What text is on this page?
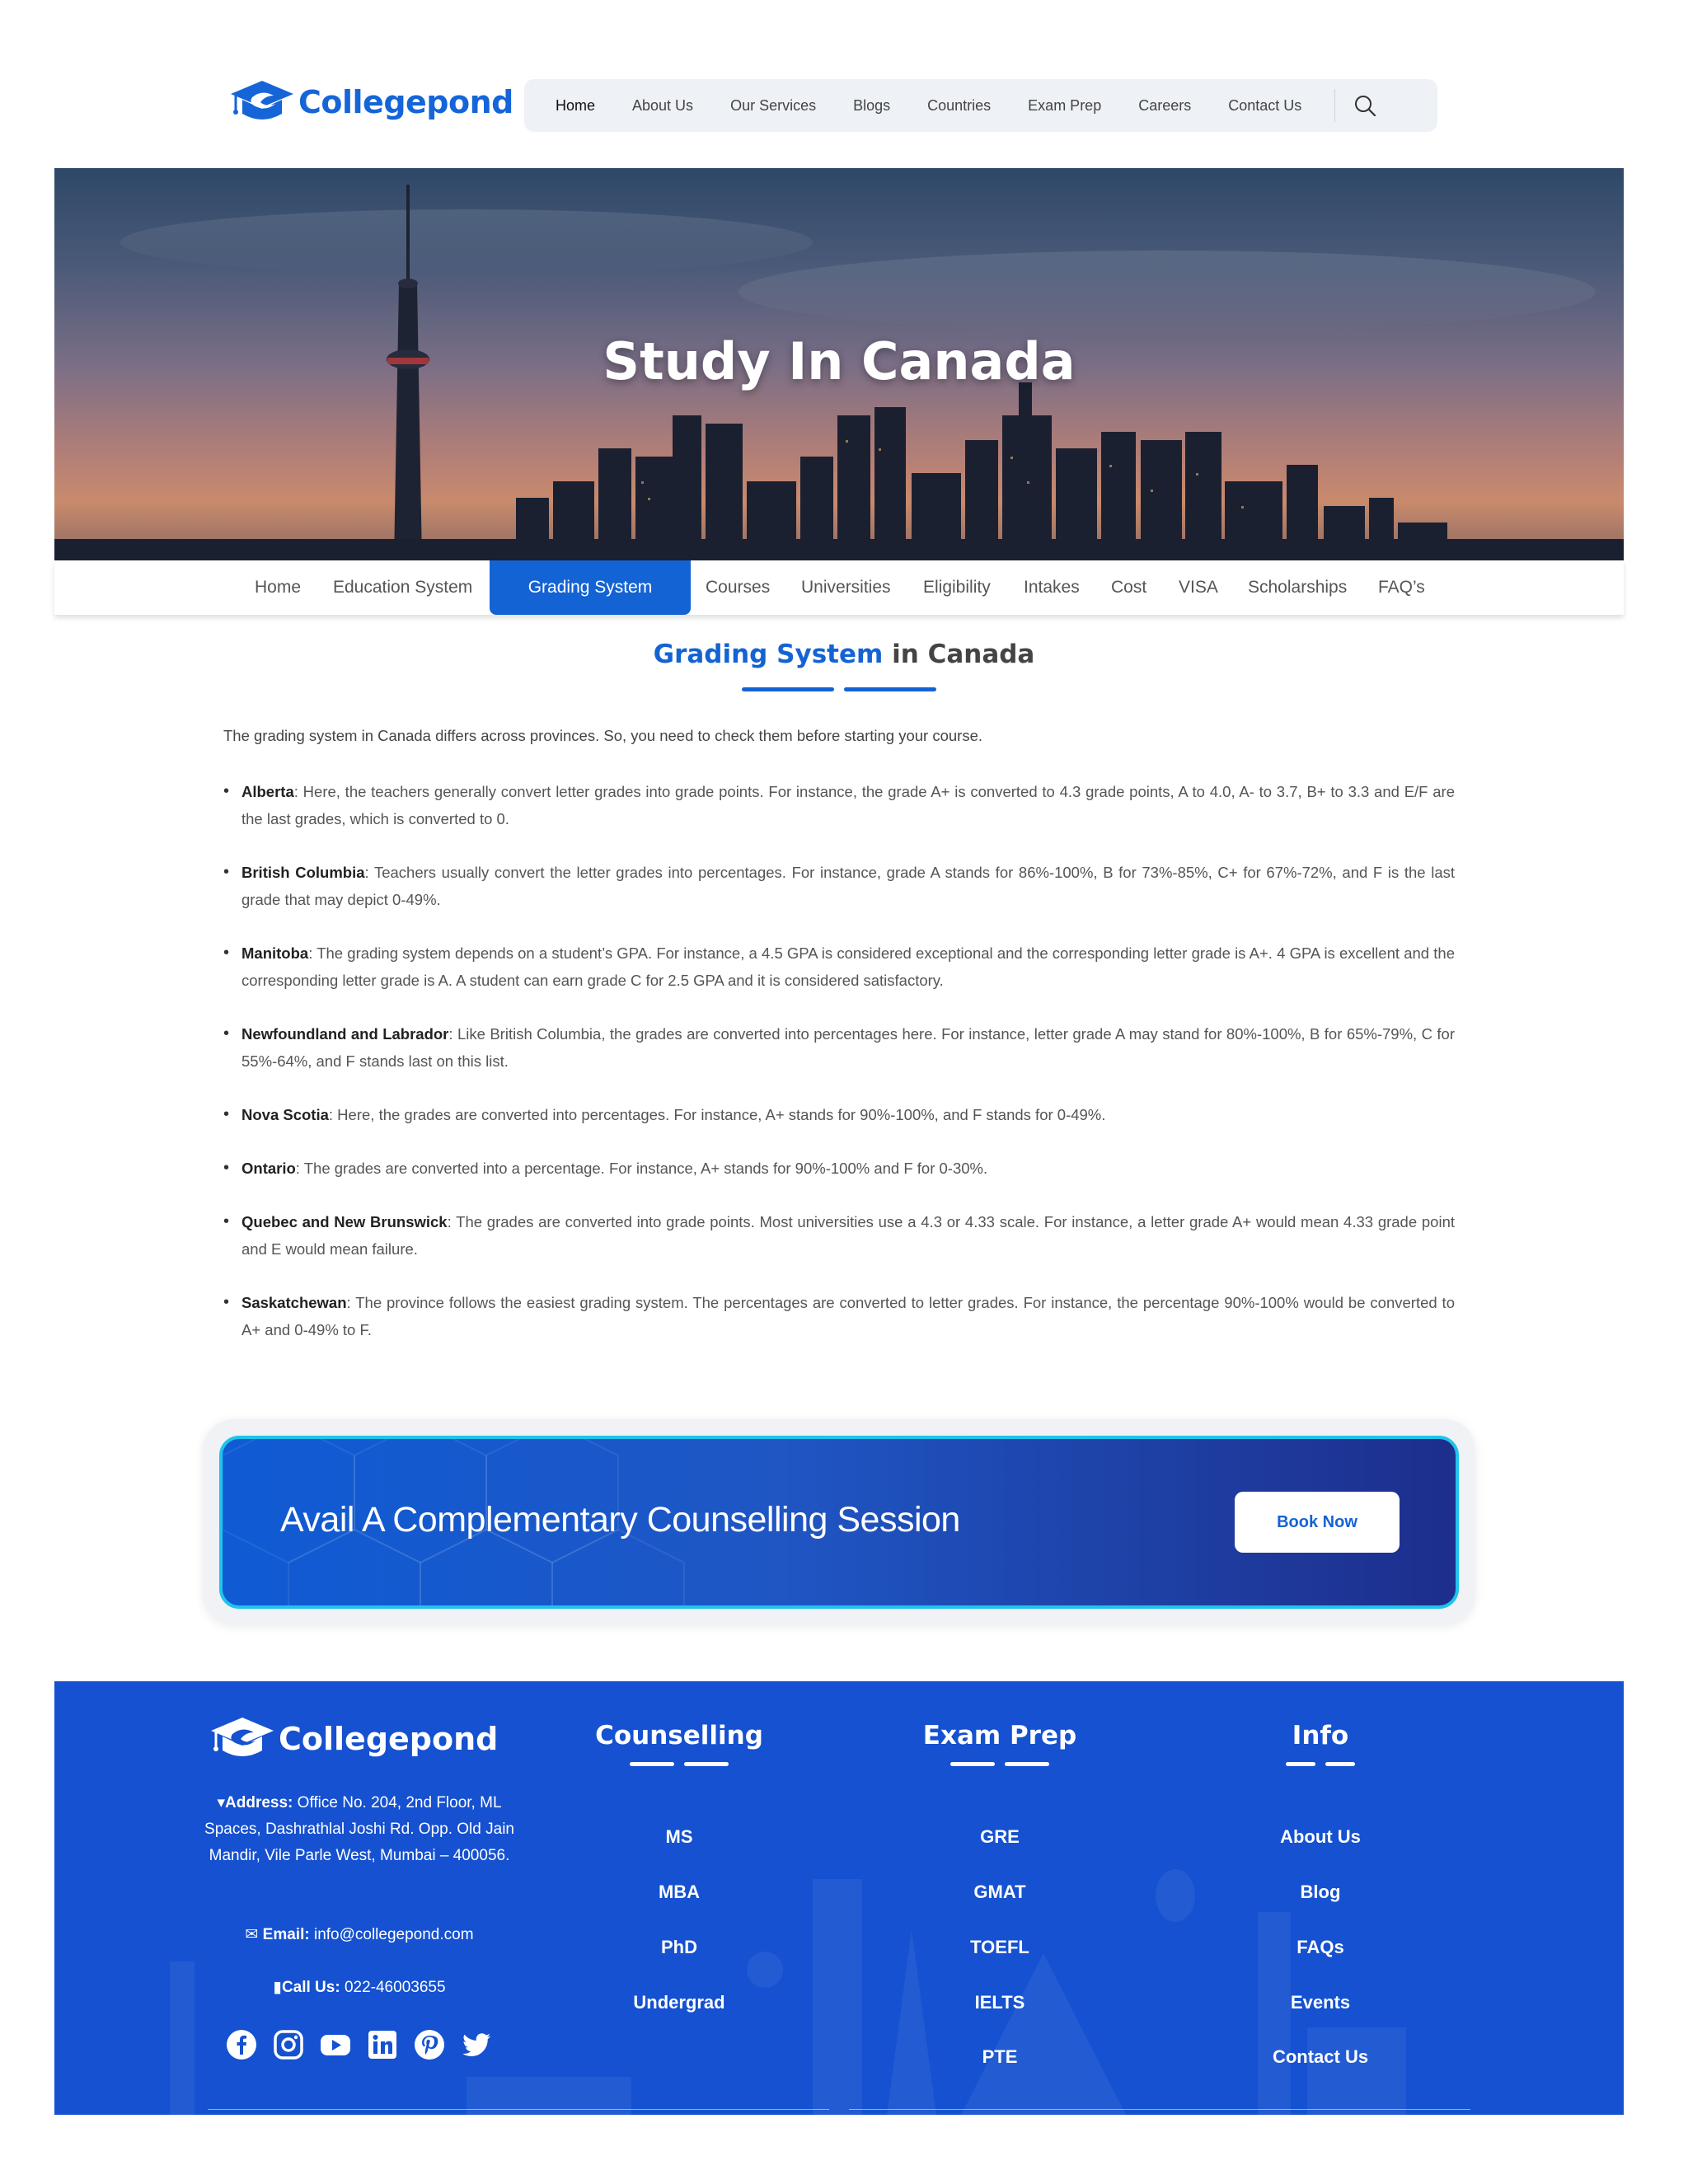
Collegepond	Home	About Us	Our Services	Blogs	Countries	Exam Prep	Careers	Contact Us
Study In Canada
Home Education System	Grading System	Courses Universities Eligibility Intakes Cost VISA Scholarships FAQ’s
Grading System in Canada

The grading system in Canada differs across provinces. So, you need to check them before starting your course.

• Alberta: Here, the teachers generally convert letter grades into grade points. For instance, the grade A+ is converted to 4.3 grade points, A to 4.0, A- to 3.7, B+ to 3.3 and E/F are the last grades, which is converted to 0.
• British Columbia: Teachers usually convert the letter grades into percentages. For instance, grade A stands for 86%-100%, B for 73%-85%, C+ for 67%-72%, and F is the last grade that may depict 0-49%.
• Manitoba: The grading system depends on a student’s GPA. For instance, a 4.5 GPA is considered exceptional and the corresponding letter grade is A+. 4 GPA is excellent and the corresponding letter grade is A. A student can earn grade C for 2.5 GPA and it is considered satisfactory.
• Newfoundland and Labrador: Like British Columbia, the grades are converted into percentages here. For instance, letter grade A may stand for 80%-100%, B for 65%-79%, C for 55%-64%, and F stands last on this list.
• Nova Scotia: Here, the grades are converted into percentages. For instance, A+ stands for 90%-100%, and F stands for 0-49%.
• Ontario: The grades are converted into a percentage. For instance, A+ stands for 90%-100% and F for 0-30%.
• Quebec and New Brunswick: The grades are converted into grade points. Most universities use a 4.3 or 4.33 scale. For instance, a letter grade A+ would mean 4.33 grade point and E would mean failure.
• Saskatchewan: The province follows the easiest grading system. The percentages are converted to letter grades. For instance, the percentage 90%-100% would be converted to A+ and 0-49% to F.
Avail A Complementary Counselling Session	Book Now
Collegepond
▾Address: Office No. 204, 2nd Floor, ML Spaces, Dashrathlal Joshi Rd. Opp. Old Jain Mandir, Vile Parle West, Mumbai – 400056.
✉ Email: info@collegepond.com
▮Call Us: 022-46003655
Counselling
MS
MBA
PhD
Undergrad
Exam Prep
GRE
GMAT
TOEFL
IELTS
PTE
Info
About Us
Blog
FAQs
Events
Contact Us
